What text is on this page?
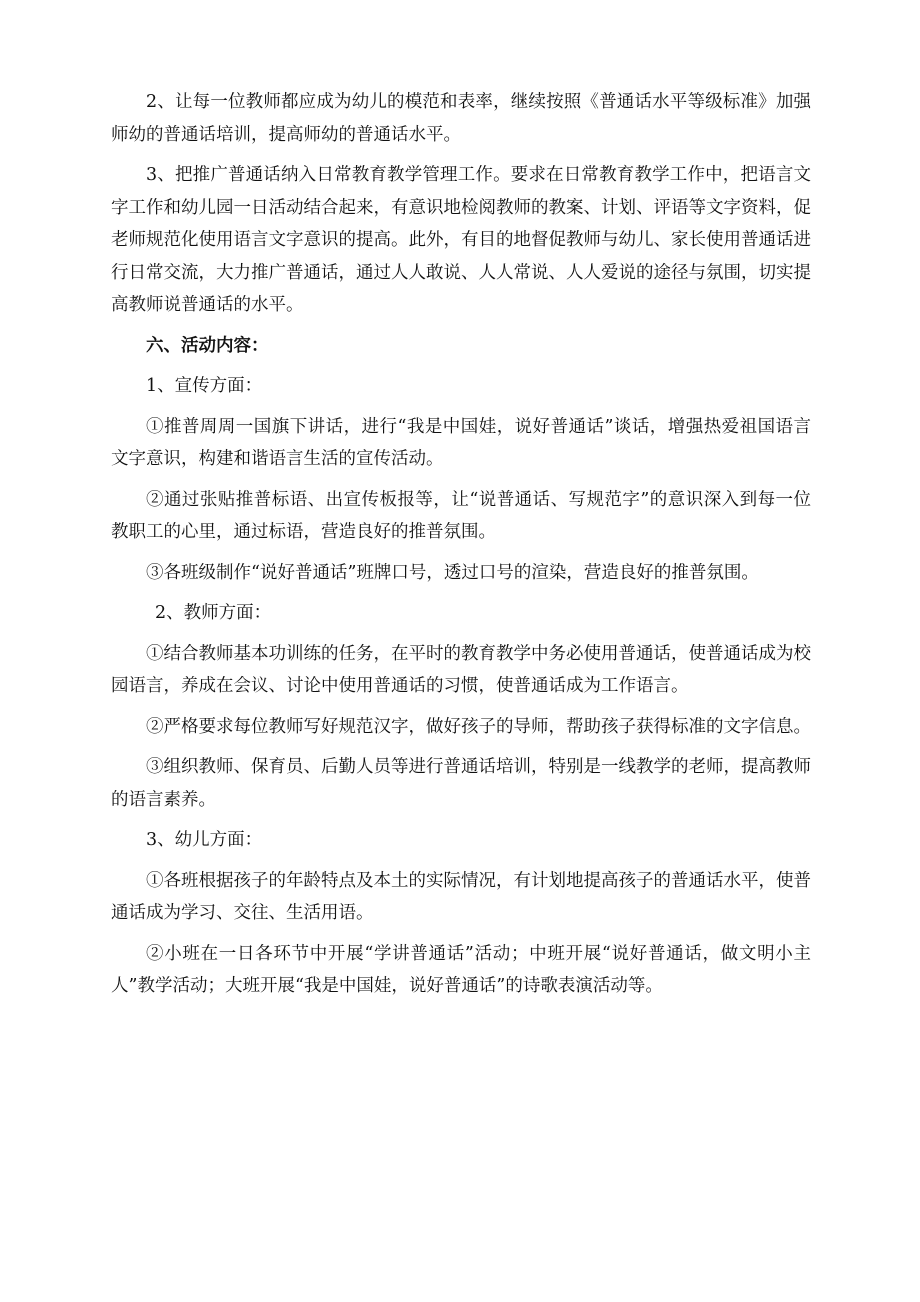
2、让每一位教师都应成为幼儿的模范和表率，继续按照《普通话水平等级标准》加强师幼的普通话培训，提高师幼的普通话水平。

3、把推广普通话纳入日常教育教学管理工作。要求在日常教育教学工作中，把语言文字工作和幼儿园一日活动结合起来，有意识地检阅教师的教案、计划、评语等文字资料，促老师规范化使用语言文字意识的提高。此外，有目的地督促教师与幼儿、家长使用普通话进行日常交流，大力推广普通话，通过人人敢说、人人常说、人人爱说的途径与氛围，切实提高教师说普通话的水平。

六、活动内容：

1、宣传方面：

①推普周周一国旗下讲话，进行“我是中国娃，说好普通话”谈话，增强热爱祖国语言文字意识，构建和谐语言生活的宣传活动。

②通过张贴推普标语、出宣传板报等，让“说普通话、写规范字”的意识深入到每一位教职工的心里，通过标语，营造良好的推普氛围。

③各班级制作“说好普通话”班牌口号，透过口号的渲染，营造良好的推普氛围。

2、教师方面：

①结合教师基本功训练的任务，在平时的教育教学中务必使用普通话，使普通话成为校园语言，养成在会议、讨论中使用普通话的习惯，使普通话成为工作语言。

②严格要求每位教师写好规范汉字，做好孩子的导师，帮助孩子获得标准的文字信息。

③组织教师、保育员、后勤人员等进行普通话培训，特别是一线教学的老师，提高教师的语言素养。

3、幼儿方面：

①各班根据孩子的年龄特点及本土的实际情况，有计划地提高孩子的普通话水平，使普通话成为学习、交往、生活用语。

②小班在一日各环节中开展“学讲普通话”活动；中班开展“说好普通话，做文明小主人”教学活动；大班开展“我是中国娃，说好普通话”的诗歌表演活动等。
